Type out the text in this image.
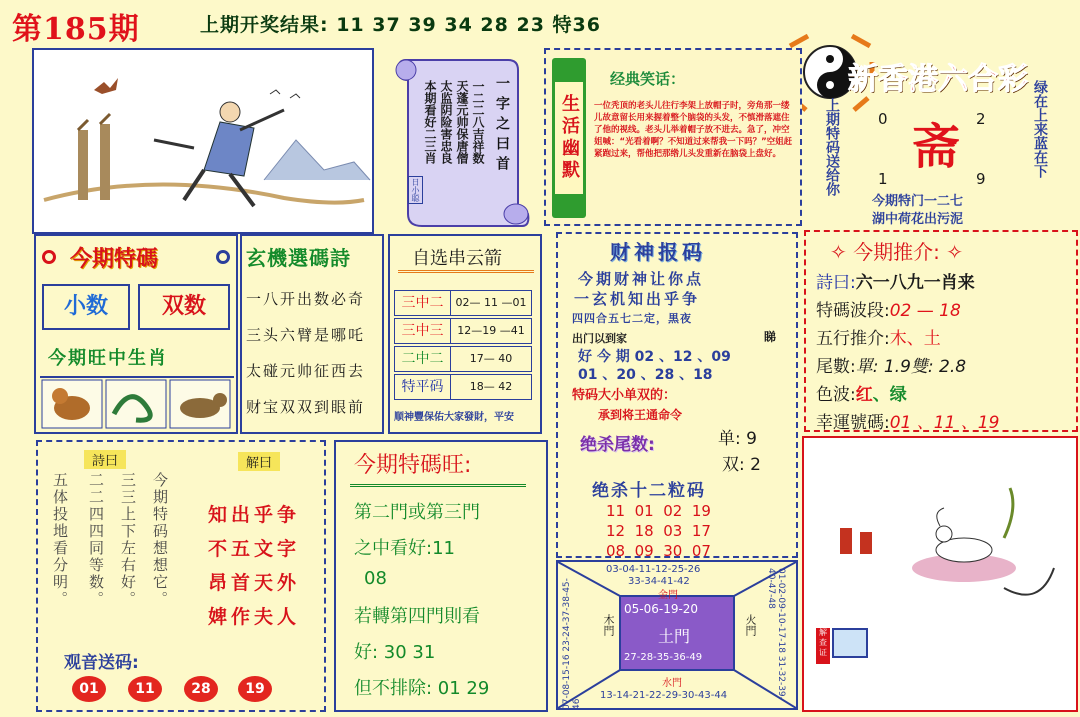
第185期	上期开奖结果: 11 37 39 34 28 23 特36
新香港六合彩
一字之曰首
一二二八吉祥数
天蓬元帅保唐僧
太监阴险害忠良
本期看好二三肖
日小聪
生活幽默
经典笑话：
一位秃顶的老头儿往行李架上放帽子时，旁角那一缕儿故意留长用来握着整个脑袋的头发，不慎滑落遮住了他的视线。老头儿举着帽子放不进去。急了，冲空姐喊：“光看着啊？不知道过来帮我一下吗？”空姐赶紧跑过来，帮他把那绺儿头发重新在脑袋上盘好。	上期特码送给你	0	2
斋
1	9
绿在上来蓝在下
今期特门一二七
湖中荷花出污泥
今期特碼
小数	双数
今期旺中生肖
玄機選碼詩
一八开出数必奇
三头六臂是哪吒
太碰元帅征西去
财宝双双到眼前
自选串云箭
三中二	02— 11 —01
三中三	12—19 —41
二中二	17— 40
特平码	18— 42
顺神豐保佑大家發財，平安
财神报码
今期财神让你点
一玄机知出乎争
四四合五七二定，黒夜
出门以到家	睇
好 今 期 02 、12 、09
01 、20 、28 、18
特码大小单双的：
承到将王通命令
绝杀尾数:	单: 9
双: 2
绝杀十二粒码
11  01  02  19
12  18  03  17
08  09  30  07
✧ 今期推介: ✧
詩曰:六一八九一肖来
特碼波段:02 — 18
五行推介:木、土
尾數:單: 1.9雙: 2.8
色波:红、绿
幸運號碼:01 、11 、19
解查证
詩曰	解曰
今期特码想想它。
三三上下左右好。
二二四四同等数。
五体投地看分明。	知出乎争
不五文字
昂首天外
婢作夫人
观音送码:
01	11	28	19
今期特碼旺:
第二門或第三門
之中看好:11
08
若轉第四門則看
好: 30 31
但不排除: 01 29
03-04-11-12-25-26
33-34-41-42
金門
05-06-19-20
土門
27-28-35-36-49
木門	火門
水門
07-08-15-16 23-24-37-38-45-46
01-02-09-10-17-18 31-32-39-40-47-48
13-14-21-22-29-30-43-44
